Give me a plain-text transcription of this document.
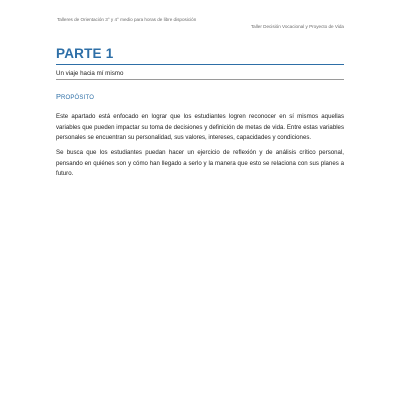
Talleres de Orientación 3° y 4° medio para horas de libre disposición
Taller Decisión Vocacional y Proyecto de Vida
PARTE 1
Un viaje hacia mí mismo
PROPÓSITO

Este apartado está enfocado en lograr que los estudiantes logren reconocer en sí mismos aquellas variables que pueden impactar su toma de decisiones y definición de metas de vida. Entre estas variables personales se encuentran su personalidad, sus valores, intereses, capacidades y condiciones.

Se busca que los estudiantes puedan hacer un ejercicio de reflexión y de análisis crítico personal, pensando en quiénes son y cómo han llegado a serlo y la manera que esto se relaciona con sus planes a futuro.
